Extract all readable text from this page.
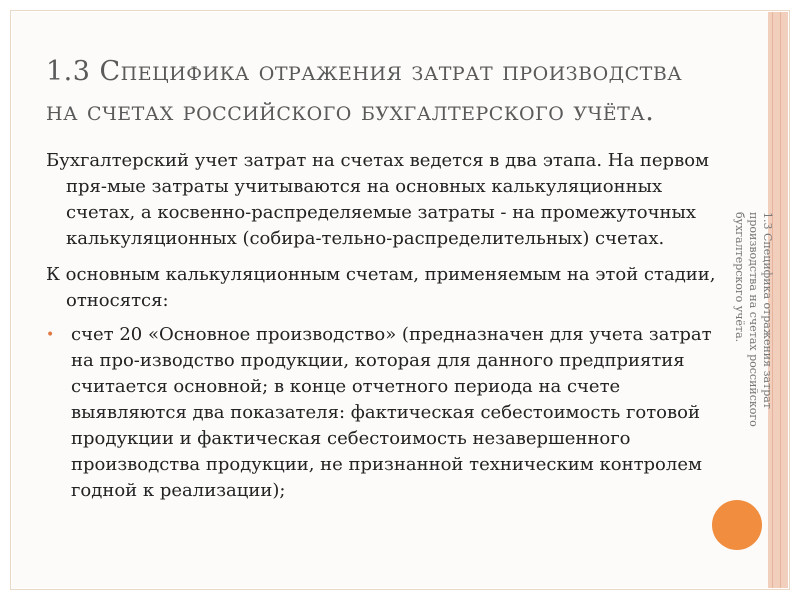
1.3 Специфика отражения затрат производства на счетах российского бухгалтерского учёта.

Бухгалтерский учет затрат на счетах ведется в два этапа. На первом пря-мые затраты учитываются на основных калькуляционных счетах, а косвенно-распределяемые затраты - на промежуточных калькуляционных (собира-тельно-распределительных) счетах.

К основным калькуляционным счетам, применяемым на этой стадии, относятся:

• счет 20 «Основное производство» (предназначен для учета затрат на про-изводство продукции, которая для данного предприятия считается основной; в конце отчетного периода на счете выявляются два показателя: фактическая себестоимость готовой продукции и фактическая себестоимость незавершенного производства продукции, не признанной техническим контролем годной к реализации);
1.3 Специфика отражения затрат производства на счетах российского бухгалтерского учёта.
